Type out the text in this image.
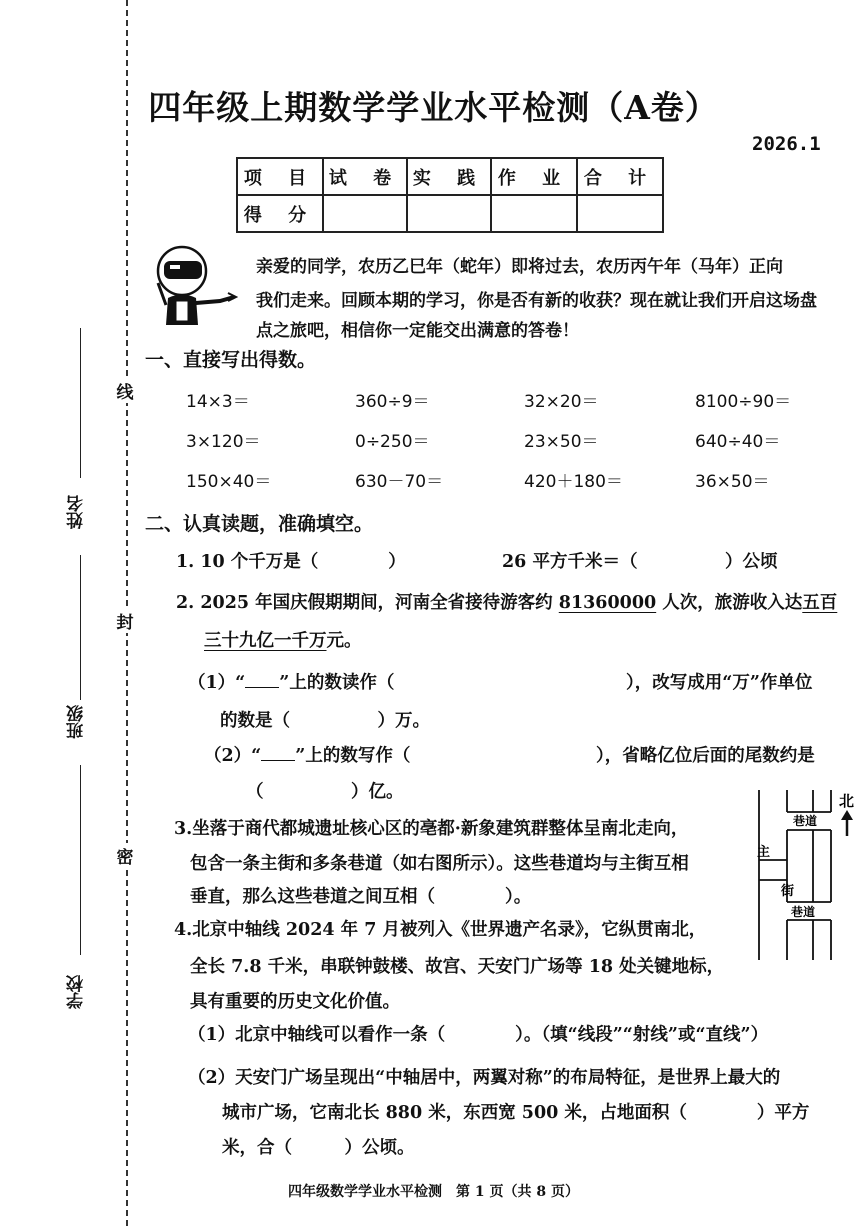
线
封
密
姓名
班级
学校
四年级上期数学学业水平检测（A卷）
2026.1
项 目	试 卷	实 践	作 业	合 计
得 分				
亲爱的同学，农历乙巳年（蛇年）即将过去，农历丙午年（马年）正向
我们走来。回顾本期的学习，你是否有新的收获？现在就让我们开启这场盘
点之旅吧，相信你一定能交出满意的答卷！
一、直接写出得数。
14×3＝	360÷9＝	32×20＝	8100÷90＝
3×120＝	0÷250＝	23×50＝	640÷40＝
150×40＝	630－70＝	420＋180＝	36×50＝
二、认真读题，准确填空。
1. 10 个千万是（　　　　）	26 平方千米＝（　　　　　）公顷
2. 2025 年国庆假期期间，河南全省接待游客约 81360000 人次，旅游收入达五百
三十九亿一千万元。
（1）“ ”上的数读作（	），改写成用“万”作单位
的数是（　　　　　）万。
（2）“ ”上的数写作（	），省略亿位后面的尾数约是
（　　　　　）亿。
3.坐落于商代都城遗址核心区的亳都·新象建筑群整体呈南北走向，
包含一条主街和多条巷道（如右图所示）。这些巷道均与主街互相
垂直，那么这些巷道之间互相（　　　　）。
4.北京中轴线 2024 年 7 月被列入《世界遗产名录》，它纵贯南北，
全长 7.8 千米，串联钟鼓楼、故宫、天安门广场等 18 处关键地标，
具有重要的历史文化价值。
（1）北京中轴线可以看作一条（　　　　）。（填“线段”“射线”或“直线”）
（2）天安门广场呈现出“中轴居中，两翼对称”的布局特征，是世界上最大的
城市广场，它南北长 880 米，东西宽 500 米，占地面积（　　　　）平方
米，合（　　　）公顷。
巷道
巷道
主
街
北
四年级数学学业水平检测　第 1 页（共 8 页）
